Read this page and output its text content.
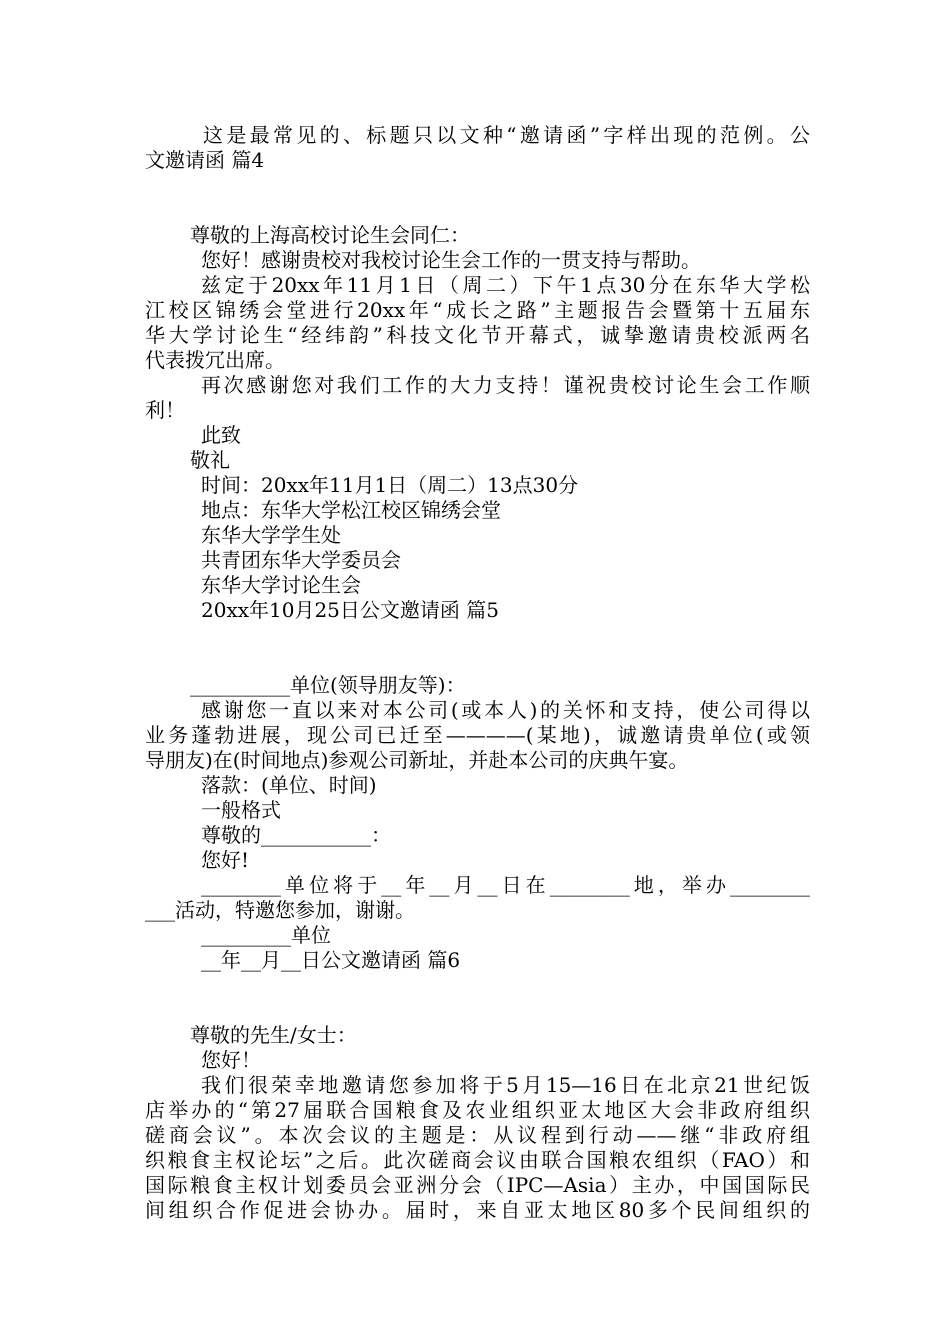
这是最常见的、标题只以文种“邀请函”字样出现的范例。公
文邀请函 篇4
尊敬的上海高校讨论生会同仁：
您好！感谢贵校对我校讨论生会工作的一贯支持与帮助。
兹定于20xx年11月1日（周二）下午1点30分在东华大学松
江校区锦绣会堂进行20xx年“成长之路”主题报告会暨第十五届东
华大学讨论生“经纬韵”科技文化节开幕式，诚挚邀请贵校派两名
代表拨冗出席。
再次感谢您对我们工作的大力支持！谨祝贵校讨论生会工作顺
利！
此致
敬礼
时间：20xx年11月1日（周二）13点30分
地点：东华大学松江校区锦绣会堂
东华大学学生处
共青团东华大学委员会
东华大学讨论生会
20xx年10月25日公文邀请函 篇5
__________单位(领导朋友等)：
感谢您一直以来对本公司(或本人)的关怀和支持，使公司得以
业务蓬勃进展，现公司已迁至————(某地)，诚邀请贵单位(或领
导朋友)在(时间地点)参观公司新址，并赴本公司的庆典午宴。
落款：(单位、时间)
一般格式
尊敬的___________：
您好!
________单位将于__年__月__日在________地，举办________
___活动，特邀您参加，谢谢。
_________单位
__年__月__日公文邀请函 篇6
尊敬的先生/女士：
您好！
我们很荣幸地邀请您参加将于5月15—16日在北京21世纪饭
店举办的“第27届联合国粮食及农业组织亚太地区大会非政府组织
磋商会议”。本次会议的主题是：从议程到行动——继“非政府组
织粮食主权论坛”之后。此次磋商会议由联合国粮农组织（FAO）和
国际粮食主权计划委员会亚洲分会（IPC—Asia）主办，中国国际民
间组织合作促进会协办。届时，来自亚太地区80多个民间组织的
